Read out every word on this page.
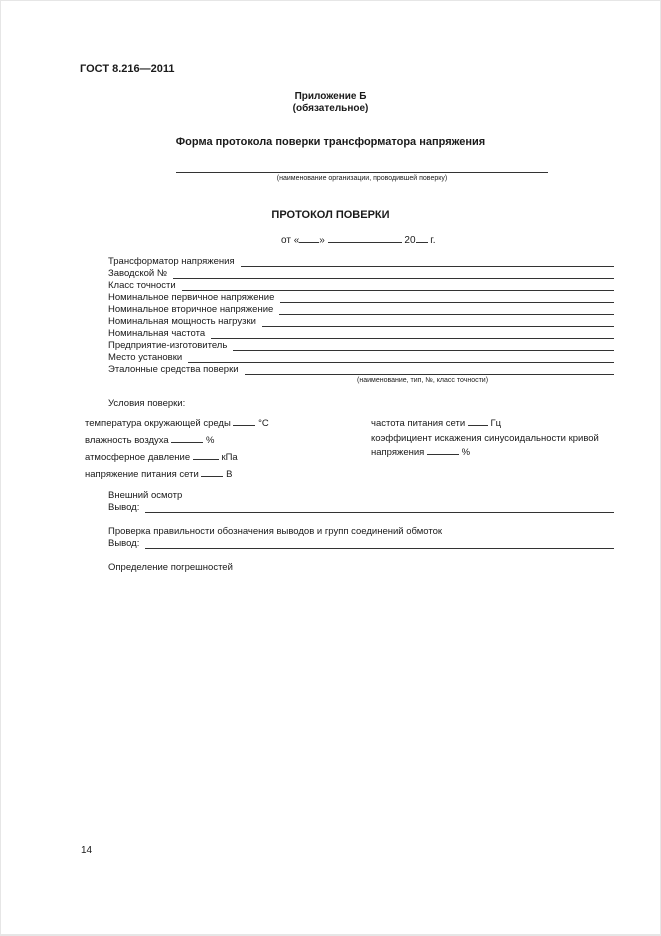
ГОСТ 8.216—2011
Приложение Б
(обязательное)
Форма протокола поверки трансформатора напряжения
(наименование организации, проводившей поверку)
ПРОТОКОЛ ПОВЕРКИ
от « »	20 г.
Трансформатор напряжения
Заводской №
Класс точности
Номинальное первичное напряжение
Номинальное вторичное напряжение
Номинальная мощность нагрузки
Номинальная частота
Предприятие-изготовитель
Место установки
Эталонные средства поверки
(наименование, тип, №, класс точности)
Условия поверки:
температура окружающей среды	°С
влажность воздуха	%
атмосферное давление	кПа
напряжение питания сети	В
частота питания сети	Гц
коэффициент искажения синусоидальности кривой
напряжения	%
Внешний осмотр
Вывод:
Проверка правильности обозначения выводов и групп соединений обмоток
Вывод:
Определение погрешностей
14
